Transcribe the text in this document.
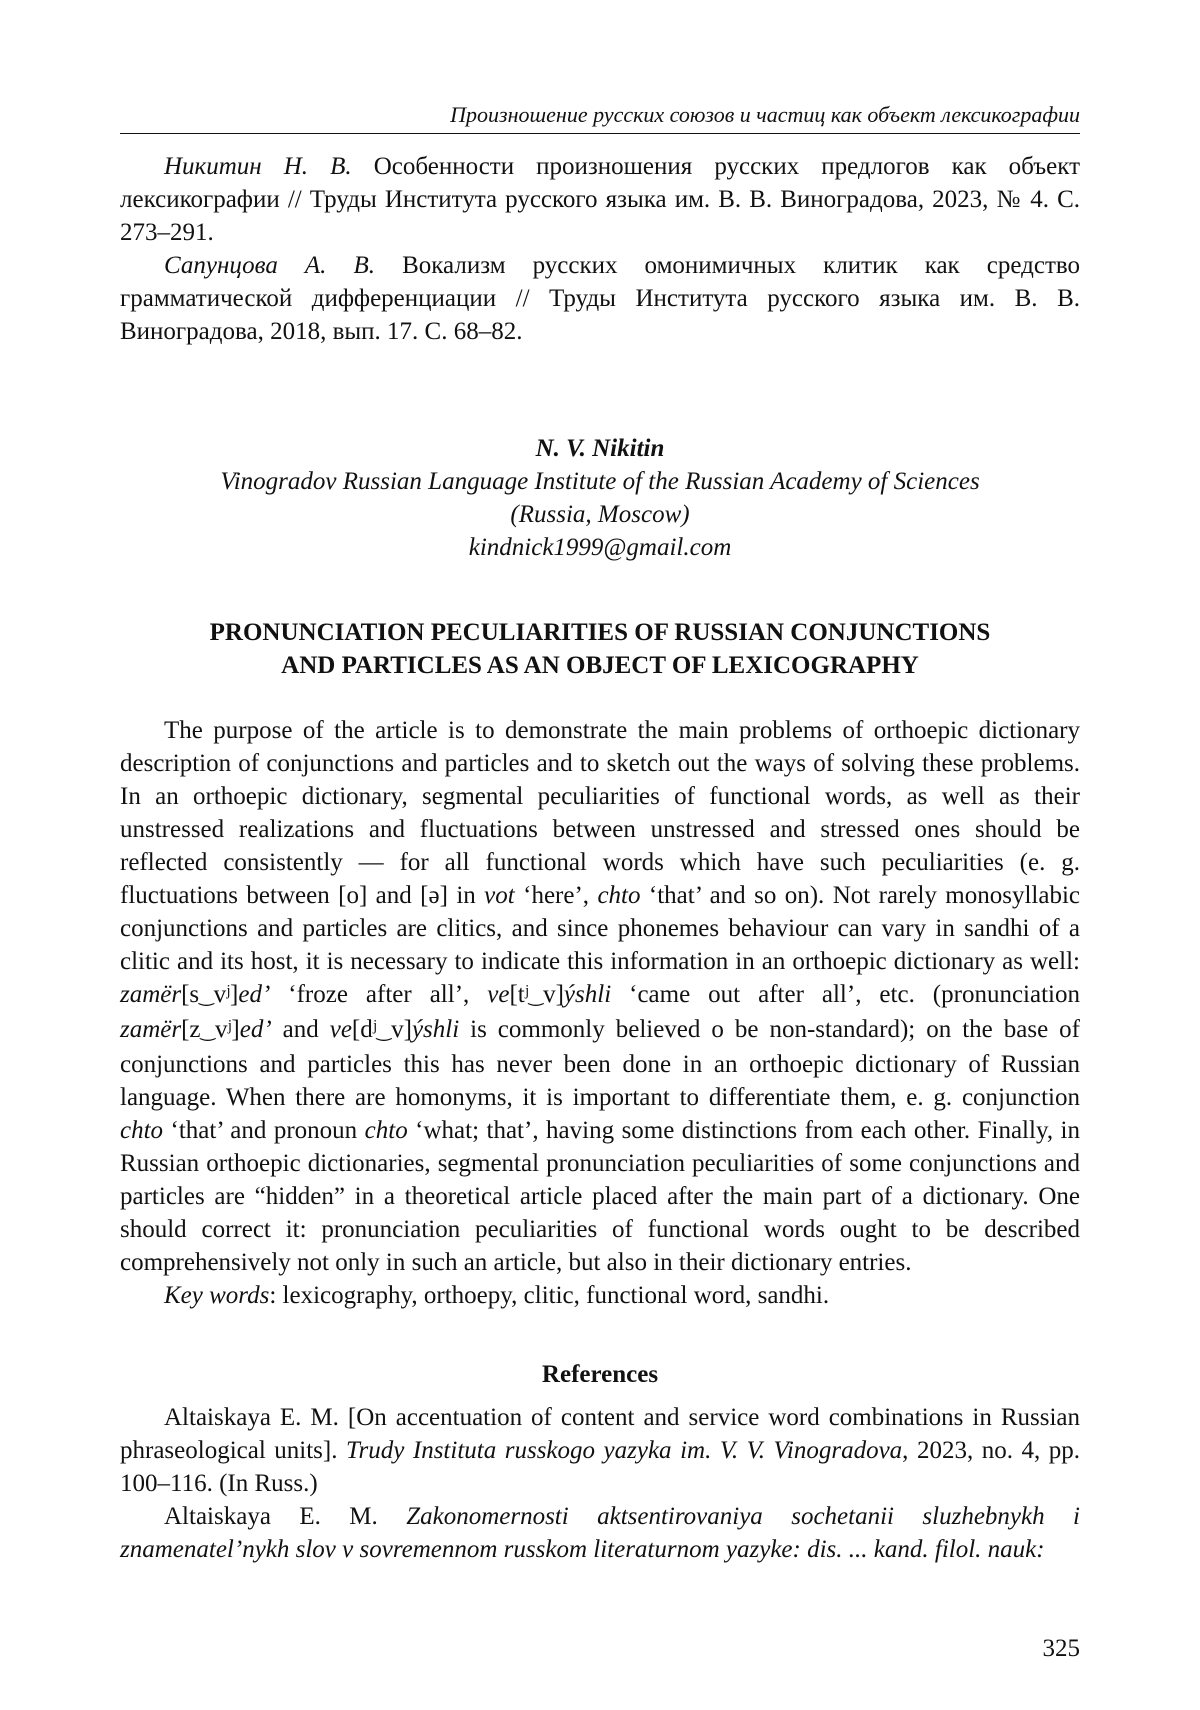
Произношение русских союзов и частиц как объект лексикографии

Никитин Н. В. Особенности произношения русских предлогов как объект лексикографии // Труды Института русского языка им. В. В. Виноградова, 2023, № 4. С. 273–291.

Сапунцова А. В. Вокализм русских омонимичных клитик как средство грамматической дифференциации // Труды Института русского языка им. В. В. Виноградова, 2018, вып. 17. С. 68–82.

N. V. Nikitin
Vinogradov Russian Language Institute of the Russian Academy of Sciences
(Russia, Moscow)
kindnick1999@gmail.com
PRONUNCIATION PECULIARITIES OF RUSSIAN CONJUNCTIONS
AND PARTICLES AS AN OBJECT OF LEXICOGRAPHY

The purpose of the article is to demonstrate the main problems of orthoepic dictionary description of conjunctions and particles and to sketch out the ways of solving these problems. In an orthoepic dictionary, segmental peculiarities of functional words, as well as their unstressed realizations and fluctuations between unstressed and stressed ones should be reflected consistently — for all functional words which have such peculiarities (e. g. fluctuations between [o] and [ə] in vot ‘here’, chto ‘that’ and so on). Not rarely monosyllabic conjunctions and particles are clitics, and since phonemes behaviour can vary in sandhi of a clitic and its host, it is necessary to indicate this information in an orthoepic dictionary as well: zamёr[s‿vʲ]ed’ ‘froze after all’, ve[tʲ‿v]ýshli ‘came out after all’, etc. (pronunciation zamёr[z‿vʲ]ed’ and ve[dʲ‿v]ýshli is commonly believed o be non-standard); on the base of conjunctions and particles this has never been done in an orthoepic dictionary of Russian language. When there are homonyms, it is important to differentiate them, e. g. conjunction chto ‘that’ and pronoun chto ‘what; that’, having some distinctions from each other. Finally, in Russian orthoepic dictionaries, segmental pronunciation peculiarities of some conjunctions and particles are “hidden” in a theoretical article placed after the main part of a dictionary. One should correct it: pronunciation peculiarities of functional words ought to be described comprehensively not only in such an article, but also in their dictionary entries.

Key words: lexicography, orthoepy, clitic, functional word, sandhi.

References

Altaiskaya E. M. [On accentuation of content and service word combinations in Russian phraseological units]. Trudy Instituta russkogo yazyka im. V. V. Vinogradova, 2023, no. 4, pp. 100–116. (In Russ.)

Altaiskaya E. M. Zakonomernosti aktsentirovaniya sochetanii sluzhebnykh i znamenatel’nykh slov v sovremennom russkom literaturnom yazyke: dis. ... kand. filol. nauk:

325
